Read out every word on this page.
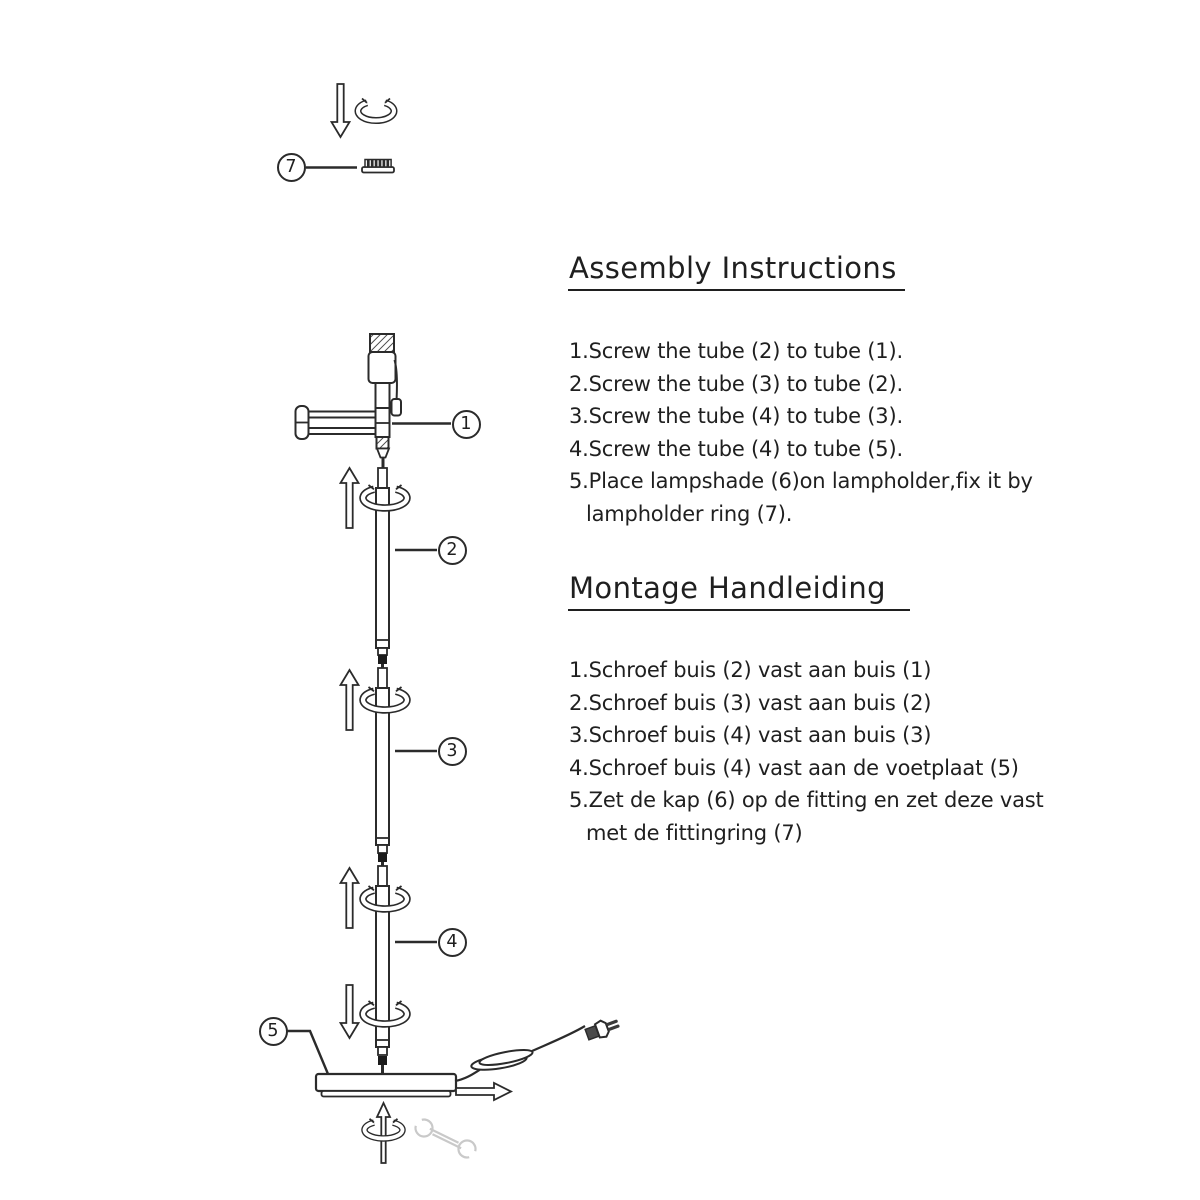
7
1
2
3
4
5
Assembly Instructions
1.Screw the tube (2) to tube (1).
2.Screw the tube (3) to tube (2).
3.Screw the tube (4) to tube (3).
4.Screw the tube (4) to tube (5).
5.Place lampshade (6)on lampholder,fix it by
lampholder ring (7).
Montage Handleiding
1.Schroef buis (2) vast aan buis (1)
2.Schroef buis (3) vast aan buis (2)
3.Schroef buis (4) vast aan buis (3)
4.Schroef buis (4) vast aan de voetplaat (5)
5.Zet de kap (6) op de fitting en zet deze vast
met de fittingring (7)
